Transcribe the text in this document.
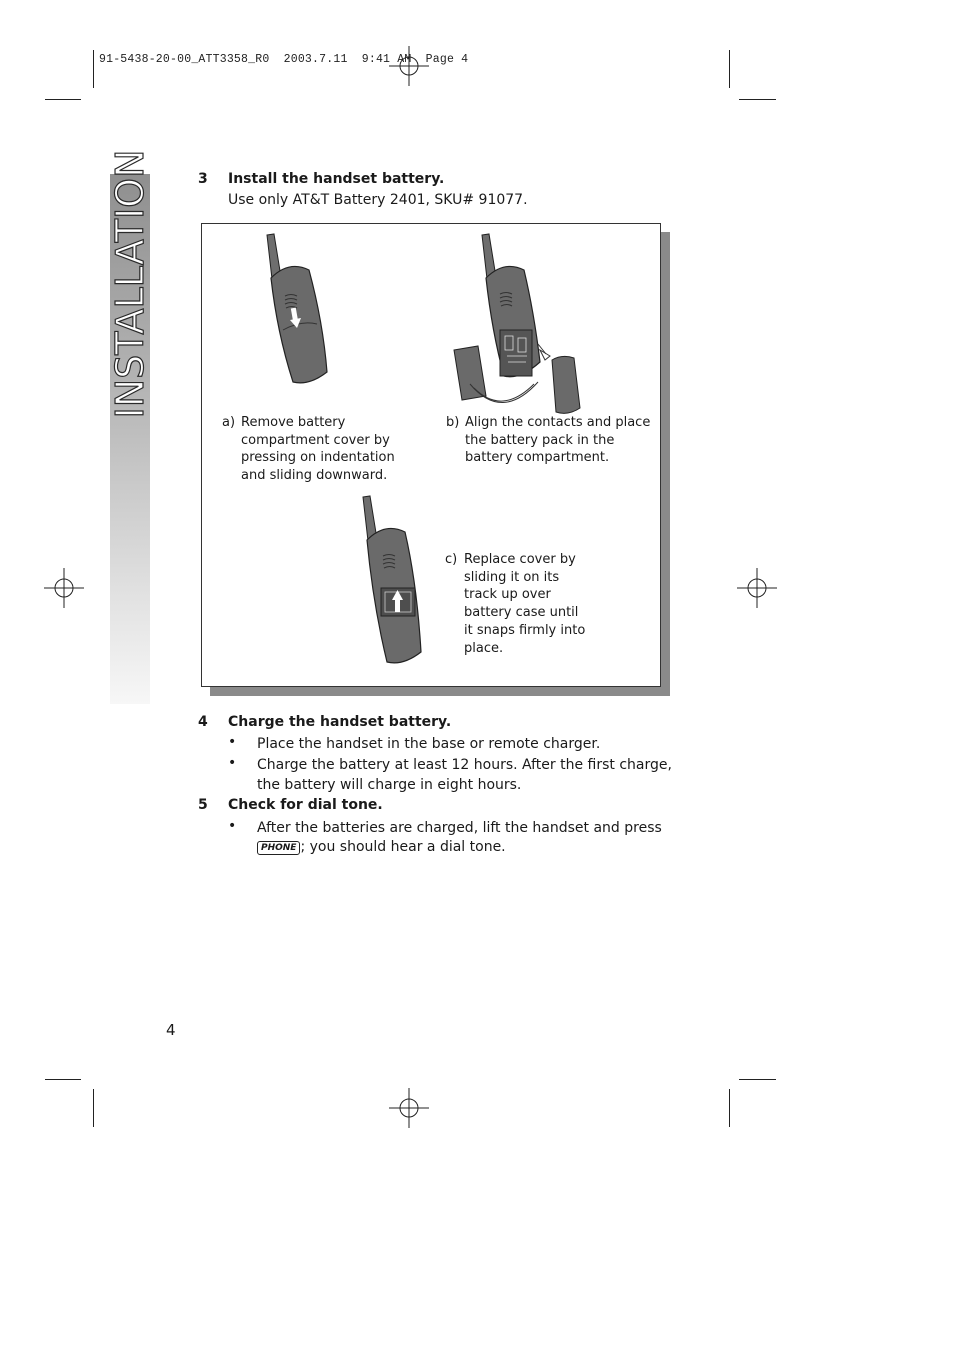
91-5438-20-00_ATT3358_R0  2003.7.11  9:41 AM  Page 4
INSTALLATION	3 Install the handset battery.
Use only AT&T Battery 2401, SKU# 91077.
a) Remove battery
compartment cover by
pressing on indentation
and sliding downward.
b) Align the contacts and place
the battery pack in the
battery compartment.
c) Replace cover by
sliding it on its
track up over
battery case until
it snaps firmly into
place.
4 Charge the handset battery.
• Place the handset in the base or remote charger.
• Charge the battery at least 12 hours. After the first charge,
the battery will charge in eight hours.
5 Check for dial tone.
• After the batteries are charged, lift the handset and press
PHONE ; you should hear a dial tone.
4
